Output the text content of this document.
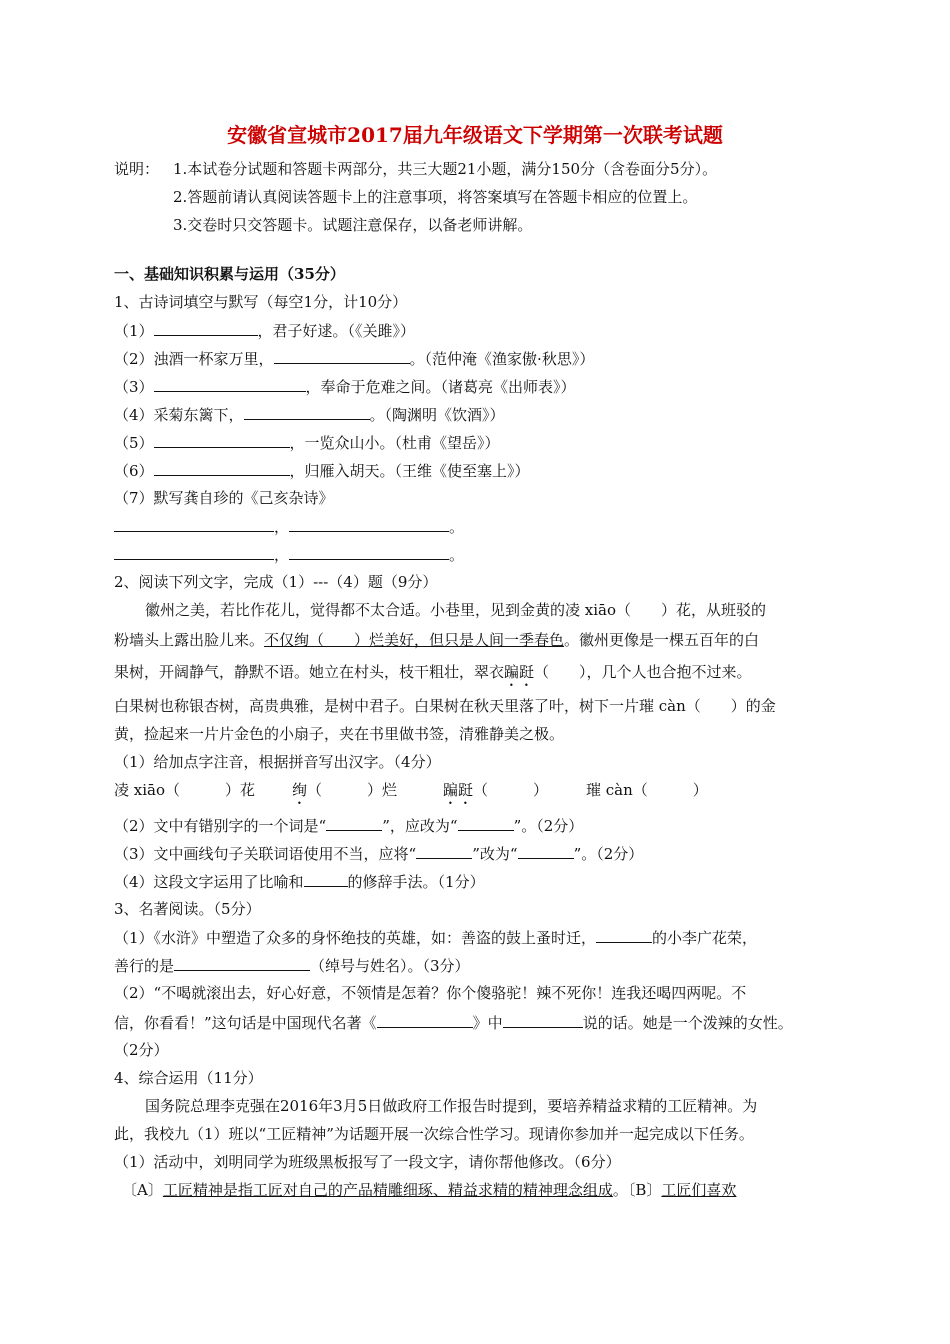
安徽省宣城市2017届九年级语文下学期第一次联考试题
说明： 1.本试卷分试题和答题卡两部分，共三大题21小题，满分150分（含卷面分5分）。
2.答题前请认真阅读答题卡上的注意事项，将答案填写在答题卡相应的位置上。
3.交卷时只交答题卡。试题注意保存，以备老师讲解。
一、基础知识积累与运用（35分）
1、古诗词填空与默写（每空1分，计10分）
（1）	，君子好逑。（《关雎》）
（2）浊酒一杯家万里，	。（范仲淹《渔家傲·秋思》）
（3）	，奉命于危难之间。（诸葛亮《出师表》）
（4）采菊东篱下，	。（陶渊明《饮酒》）
（5）	，一览众山小。（杜甫《望岳》）
（6）	，归雁入胡天。（王维《使至塞上》）
（7）默写龚自珍的《己亥杂诗》
，	。
，	。
2、阅读下列文字，完成（1）---（4）题（9分）
徽州之美，若比作花儿，觉得都不太合适。小巷里，见到金黄的凌 xiāo（　　）花，从班驳的
粉墙头上露出脸儿来。不仅绚（　　）烂美好，但只是人间一季春色。徽州更像是一棵五百年的白
果树，开阔静气，静默不语。她立在村头，枝干粗壮，翠衣蹁跹（　　），几个人也合抱不过来。
白果树也称银杏树，高贵典雅，是树中君子。白果树在秋天里落了叶，树下一片璀 càn（　　）的金
黄，捡起来一片片金色的小扇子，夹在书里做书签，清雅静美之极。
（1）给加点字注音，根据拼音写出汉字。（4分）
凌 xiāo（　　　）花 绚（　　　）烂	蹁跹（　　　）	璀 càn（　　　）
（2）文中有错别字的一个词是“	”，应改为“	”。（2分）
（3）文中画线句子关联词语使用不当，应将“	”改为“	”。（2分）
（4）这段文字运用了比喻和	的修辞手法。（1分）
3、名著阅读。（5分）
（1）《水浒》中塑造了众多的身怀绝技的英雄，如：善盗的鼓上蚤时迁，	的小李广花荣，
善行的是	（绰号与姓名）。（3分）
（2）“不喝就滚出去，好心好意，不领情是怎着？你个傻骆驼！辣不死你！连我还喝四两呢。不
信，你看看！”这句话是中国现代名著《	》中	说的话。她是一个泼辣的女性。
（2分）
4、综合运用（11分）
国务院总理李克强在2016年3月5日做政府工作报告时提到，要培养精益求精的工匠精神。为
此，我校九（1）班以“工匠精神”为话题开展一次综合性学习。现请你参加并一起完成以下任务。
（1）活动中，刘明同学为班级黑板报写了一段文字，请你帮他修改。（6分）
〔A〕工匠精神是指工匠对自己的产品精雕细琢、精益求精的精神理念组成。〔B〕工匠们喜欢
